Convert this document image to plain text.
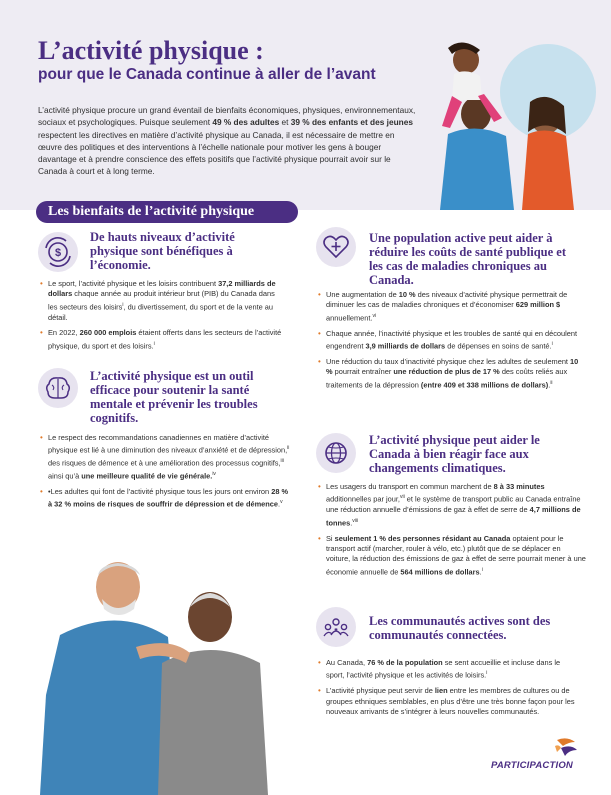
L’activité physique :
pour que le Canada continue à aller de l’avant

L’activité physique procure un grand éventail de bienfaits économiques, physiques, environnementaux, sociaux et psychologiques. Puisque seulement 49 % des adultes et 39 % des enfants et des jeunes respectent les directives en matière d’activité physique au Canada, il est nécessaire de mettre en œuvre des politiques et des interventions à l’échelle nationale pour motiver les gens à bouger davantage et à prendre conscience des effets positifs que l’activité physique pourrait avoir sur le Canada à court et à long terme.

Les bienfaits de l’activité physique
$
De hauts niveaux d’activité physique sont bénéfiques à l’économie.
• Le sport, l’activité physique et les loisirs contribuent 37,2 milliards de dollars chaque année au produit intérieur brut (PIB) du Canada dans les secteurs des loisirs$^i$, du divertissement, du sport et de la vente au détail.
• En 2022, 260 000 emplois étaient offerts dans les secteurs de l’activité physique, du sport et des loisirs.$^i$
L’activité physique est un outil efficace pour soutenir la santé mentale et prévenir les troubles cognitifs.
• Le respect des recommandations canadiennes en matière d’activité physique est lié à une diminution des niveaux d’anxiété et de dépression,$^{ii}$ des risques de démence et à une amélioration des processus cognitifs,$^{iii}$ ainsi qu’à une meilleure qualité de vie générale.$^{iv}$
• •Les adultes qui font de l’activité physique tous les jours ont environ 28 % à 32 % moins de risques de souffrir de dépression et de démence.$^v$
Une population active peut aider à réduire les coûts de santé publique et les cas de maladies chroniques au Canada.
• Une augmentation de 10 % des niveaux d’activité physique permettrait de diminuer les cas de maladies chroniques et d’économiser 629 million $ annuellement.$^{vi}$
• Chaque année, l’inactivité physique et les troubles de santé qui en découlent engendrent 3,9 milliards de dollars de dépenses en soins de santé.$^i$
• Une réduction du taux d’inactivité physique chez les adultes de seulement 10 % pourrait entraîner une réduction de plus de 17 % des coûts reliés aux traitements de la dépression (entre 409 et 338 millions de dollars).$^{ii}$
L’activité physique peut aider le Canada à bien réagir face aux changements climatiques.
• Les usagers du transport en commun marchent de 8 à 33 minutes additionnelles par jour,$^{vii}$ et le système de transport public au Canada entraîne une réduction annuelle d’émissions de gaz à effet de serre de 4,7 millions de tonnes.$^{viii}$
• Si seulement 1 % des personnes résidant au Canada optaient pour le transport actif (marcher, rouler à vélo, etc.) plutôt que de se déplacer en voiture, la réduction des émissions de gaz à effet de serre pourrait mener à une économie annuelle de 564 millions de dollars.$^i$
Les communautés actives sont des communautés connectées.
• Au Canada, 76 % de la population se sent accueillie et incluse dans le sport, l’activité physique et les activités de loisirs.$^i$
• L’activité physique peut servir de lien entre les membres de cultures ou de groupes ethniques semblables, en plus d’être une très bonne façon pour les nouveaux arrivants de s’intégrer à leurs nouvelles communautés.
PARTICIPACTION
